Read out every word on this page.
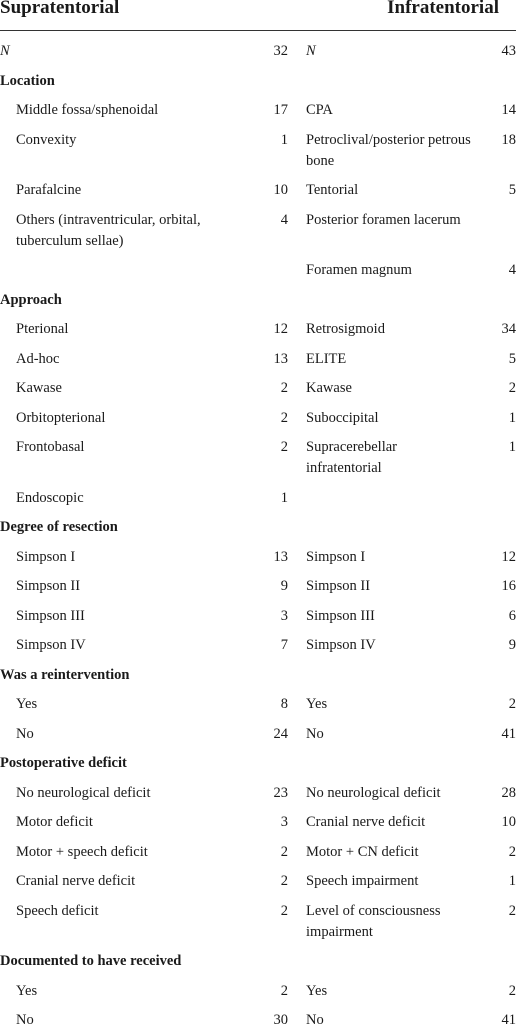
Supratentorial	Infratentorial
N		32		N	43
Location					
	Middle fossa/sphenoidal	17		CPA	14
	Convexity	1		Petroclival/posterior petrous bone	18
	Parafalcine	10		Tentorial	5
	Others (intraventricular, orbital, tuberculum sellae)	4		Posterior foramen lacerum	
				Foramen magnum	4
Approach					
	Pterional	12		Retrosigmoid	34
	Ad-hoc	13		ELITE	5
	Kawase	2		Kawase	2
	Orbitopterional	2		Suboccipital	1
	Frontobasal	2		Supracerebellar infratentorial	1
	Endoscopic	1			
Degree of resection					
	Simpson I	13		Simpson I	12
	Simpson II	9		Simpson II	16
	Simpson III	3		Simpson III	6
	Simpson IV	7		Simpson IV	9
Was a reintervention					
	Yes	8		Yes	2
	No	24		No	41
Postoperative deficit					
	No neurological deficit	23		No neurological deficit	28
	Motor deficit	3		Cranial nerve deficit	10
	Motor + speech deficit	2		Motor + CN deficit	2
	Cranial nerve deficit	2		Speech impairment	1
	Speech deficit	2		Level of consciousness impairment	2
Documented to have received					
	Yes	2		Yes	2
	No	30		No	41
